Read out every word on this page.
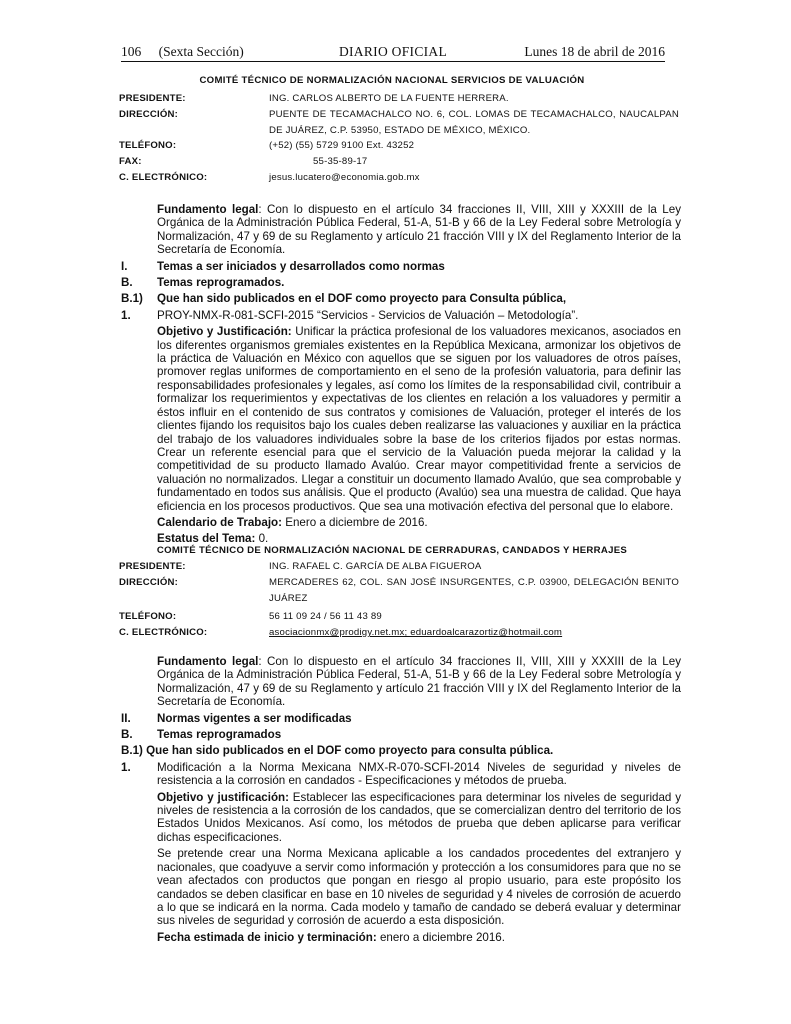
106 (Sexta Sección)	DIARIO OFICIAL	Lunes 18 de abril de 2016
COMITÉ TÉCNICO DE NORMALIZACIÓN NACIONAL SERVICIOS DE VALUACIÓN
PRESIDENTE:	ING. CARLOS ALBERTO DE LA FUENTE HERRERA.
DIRECCIÓN:	PUENTE DE TECAMACHALCO NO. 6, COL. LOMAS DE TECAMACHALCO, NAUCALPAN DE JUÁREZ, C.P. 53950, ESTADO DE MÉXICO, MÉXICO.
TELÉFONO:	(+52) (55) 5729 9100 Ext. 43252
FAX:	55-35-89-17
C. ELECTRÓNICO:	jesus.lucatero@economia.gob.mx

Fundamento legal: Con lo dispuesto en el artículo 34 fracciones II, VIII, XIII y XXXIII de la Ley Orgánica de la Administración Pública Federal, 51-A, 51-B y 66 de la Ley Federal sobre Metrología y Normalización, 47 y 69 de su Reglamento y artículo 21 fracción VIII y IX del Reglamento Interior de la Secretaría de Economía.

I.	Temas a ser iniciados y desarrollados como normas
B.	Temas reprogramados.
B.1)	Que han sido publicados en el DOF como proyecto para Consulta pública,
1.	PROY-NMX-R-081-SCFI-2015 “Servicios - Servicios de Valuación – Metodología”.

Objetivo y Justificación: Unificar la práctica profesional de los valuadores mexicanos, asociados en los diferentes organismos gremiales existentes en la República Mexicana, armonizar los objetivos de la práctica de Valuación en México con aquellos que se siguen por los valuadores de otros países, promover reglas uniformes de comportamiento en el seno de la profesión valuatoria, para definir las responsabilidades profesionales y legales, así como los límites de la responsabilidad civil, contribuir a formalizar los requerimientos y expectativas de los clientes en relación a los valuadores y permitir a éstos influir en el contenido de sus contratos y comisiones de Valuación, proteger el interés de los clientes fijando los requisitos bajo los cuales deben realizarse las valuaciones y auxiliar en la práctica del trabajo de los valuadores individuales sobre la base de los criterios fijados por estas normas. Crear un referente esencial para que el servicio de la Valuación pueda mejorar la calidad y la competitividad de su producto llamado Avalúo. Crear mayor competitividad frente a servicios de valuación no normalizados. Llegar a constituir un documento llamado Avalúo, que sea comprobable y fundamentado en todos sus análisis. Que el producto (Avalúo) sea una muestra de calidad. Que haya eficiencia en los procesos productivos. Que sea una motivación efectiva del personal que lo elabore.

Calendario de Trabajo: Enero a diciembre de 2016.

Estatus del Tema: 0.

COMITÉ TÉCNICO DE NORMALIZACIÓN NACIONAL DE CERRADURAS, CANDADOS Y HERRAJES
PRESIDENTE:	ING. RAFAEL C. GARCÍA DE ALBA FIGUEROA
DIRECCIÓN:	MERCADERES 62, COL. SAN JOSÉ INSURGENTES, C.P. 03900, DELEGACIÓN BENITO JUÁREZ
TELÉFONO:	56 11 09 24 / 56 11 43 89
C. ELECTRÓNICO:	asociacionmx@prodigy.net.mx; eduardoalcarazortiz@hotmail.com

Fundamento legal: Con lo dispuesto en el artículo 34 fracciones II, VIII, XIII y XXXIII de la Ley Orgánica de la Administración Pública Federal, 51-A, 51-B y 66 de la Ley Federal sobre Metrología y Normalización, 47 y 69 de su Reglamento y artículo 21 fracción VIII y IX del Reglamento Interior de la Secretaría de Economía.

II.	Normas vigentes a ser modificadas
B.	Temas reprogramados
B.1) Que han sido publicados en el DOF como proyecto para consulta pública.
1.	Modificación a la Norma Mexicana NMX-R-070-SCFI-2014 Niveles de seguridad y niveles de resistencia a la corrosión en candados - Especificaciones y métodos de prueba.

Objetivo y justificación: Establecer las especificaciones para determinar los niveles de seguridad y niveles de resistencia a la corrosión de los candados, que se comercializan dentro del territorio de los Estados Unidos Mexicanos. Así como, los métodos de prueba que deben aplicarse para verificar dichas especificaciones.

Se pretende crear una Norma Mexicana aplicable a los candados procedentes del extranjero y nacionales, que coadyuve a servir como información y protección a los consumidores para que no se vean afectados con productos que pongan en riesgo al propio usuario, para este propósito los candados se deben clasificar en base en 10 niveles de seguridad y 4 niveles de corrosión de acuerdo a lo que se indicará en la norma. Cada modelo y tamaño de candado se deberá evaluar y determinar sus niveles de seguridad y corrosión de acuerdo a esta disposición.

Fecha estimada de inicio y terminación: enero a diciembre 2016.
